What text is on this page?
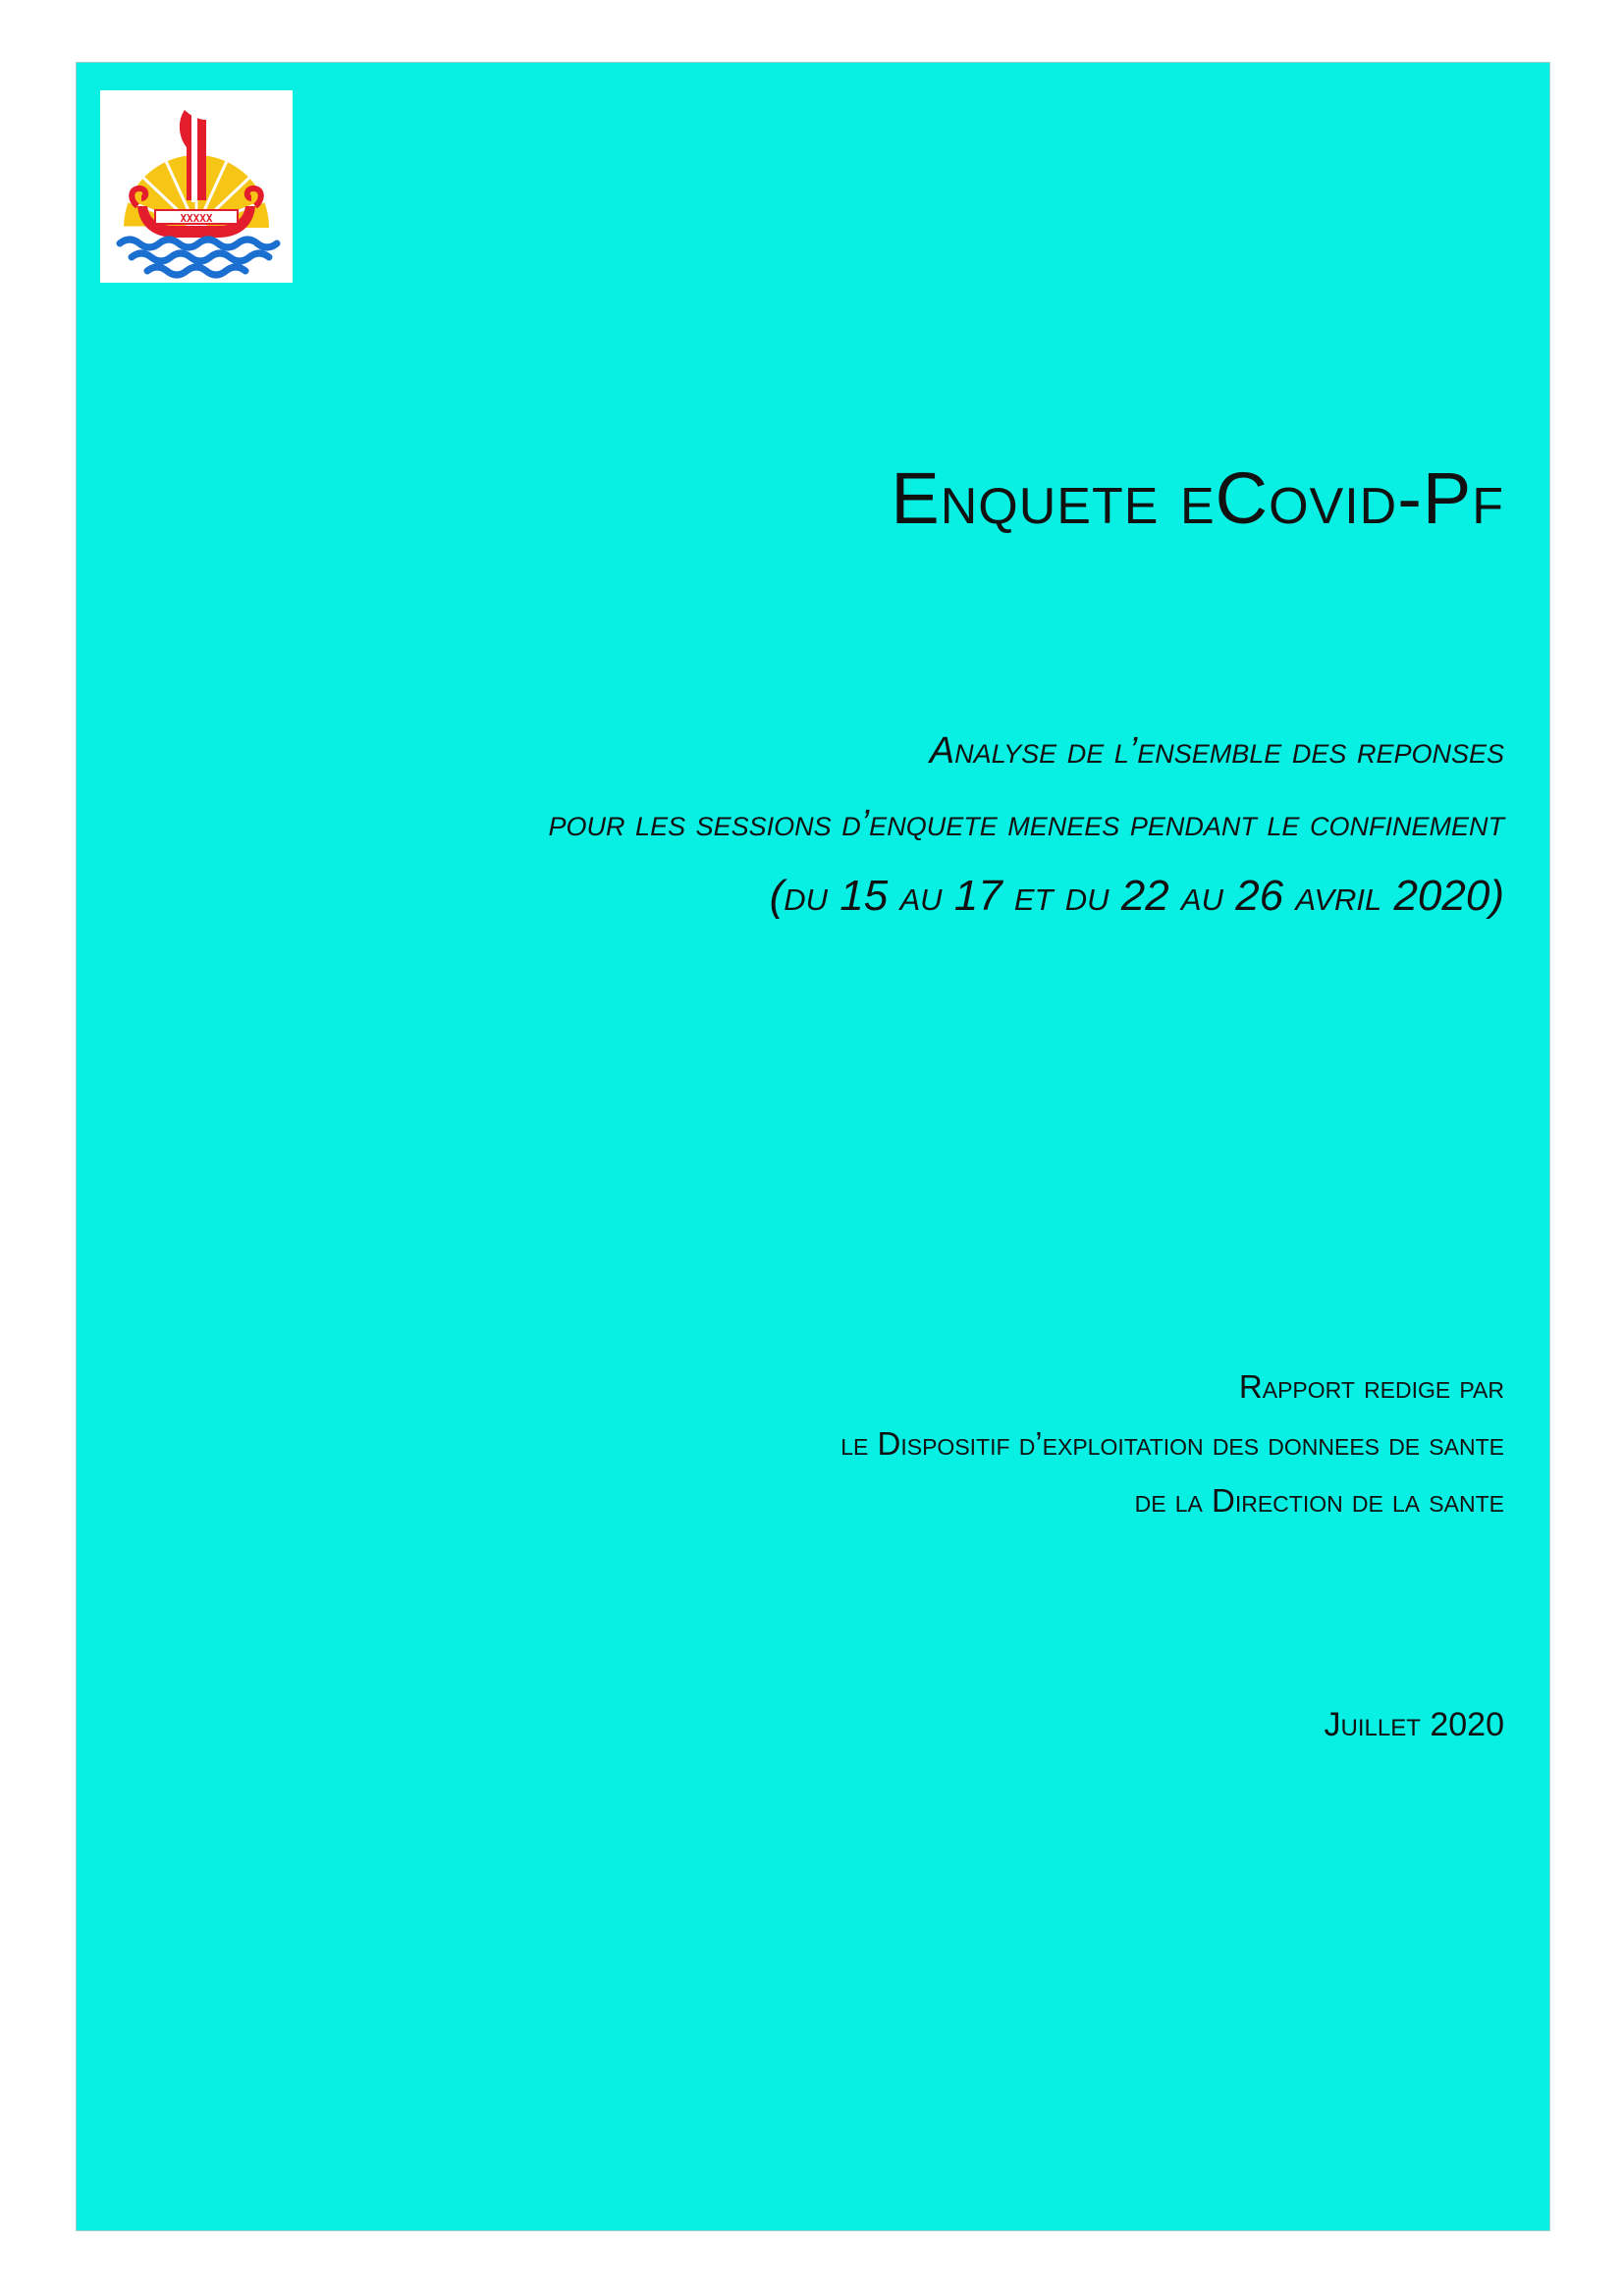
XXXXX
Enquete eCovid-Pf
Analyse de l’ensemble des reponses
pour les sessions d’enquete menees pendant le confinement
(du 15 au 17 et du 22 au 26 avril 2020)
Rapport redige par
le Dispositif d’exploitation des donnees de sante
de la Direction de la sante
Juillet 2020
